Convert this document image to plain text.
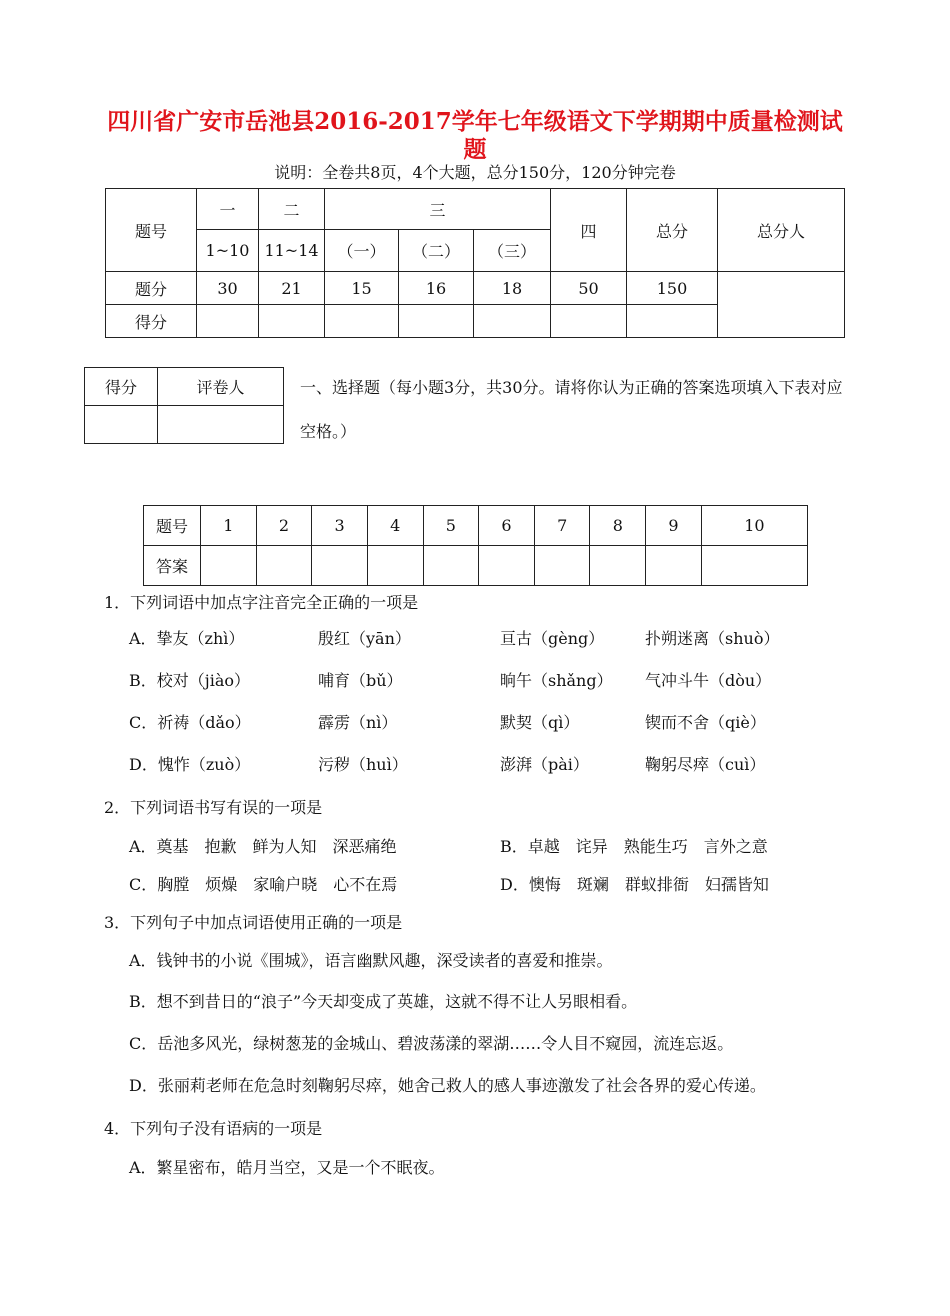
四川省广安市岳池县2016-2017学年七年级语文下学期期中质量检测试题
说明：全卷共8页，4个大题，总分150分，120分钟完卷
题号	一	二	三			四	总分	总分人
	1~10	11~14	（一）	（二）	（三）			
题分	30	21	15	16	18	50	150	
得分								
得分	评卷人
		一、选择题（每小题3分，共30分。请将你认为正确的答案选项填入下表对应空格。）
题号	1	2	3	4	5	6	7	8	9	10
答案										
1．下列词语中加点字注音完全正确的一项是
A．挚友（zhì）	殷红（yān）	亘古（gèng）	扑朔迷离（shuò）
B．校对（jiào）	哺育（bǔ）	晌午（shǎng） 气冲斗牛（dòu）
C．祈祷（dǎo）	霹雳（nì）	默契（qì）	锲而不舍（qiè）
D．愧怍（zuò）	污秽（huì）	澎湃（pài）	鞠躬尽瘁（cuì）
2．下列词语书写有误的一项是
A．奠基　抱歉　鲜为人知　深恶痛绝	B．卓越　诧异　熟能生巧　言外之意
C．胸膛　烦燥　家喻户晓　心不在焉	D．懊悔　斑斓　群蚁排衙　妇孺皆知
3．下列句子中加点词语使用正确的一项是
A．钱钟书的小说《围城》，语言幽默风趣，深受读者的喜爱和推崇。
B．想不到昔日的“浪子”今天却变成了英雄，这就不得不让人另眼相看。
C．岳池多风光，绿树葱茏的金城山、碧波荡漾的翠湖……令人目不窥园，流连忘返。
D．张丽莉老师在危急时刻鞠躬尽瘁，她舍己救人的感人事迹激发了社会各界的爱心传递。
4．下列句子没有语病的一项是
A．繁星密布，皓月当空，又是一个不眠夜。
